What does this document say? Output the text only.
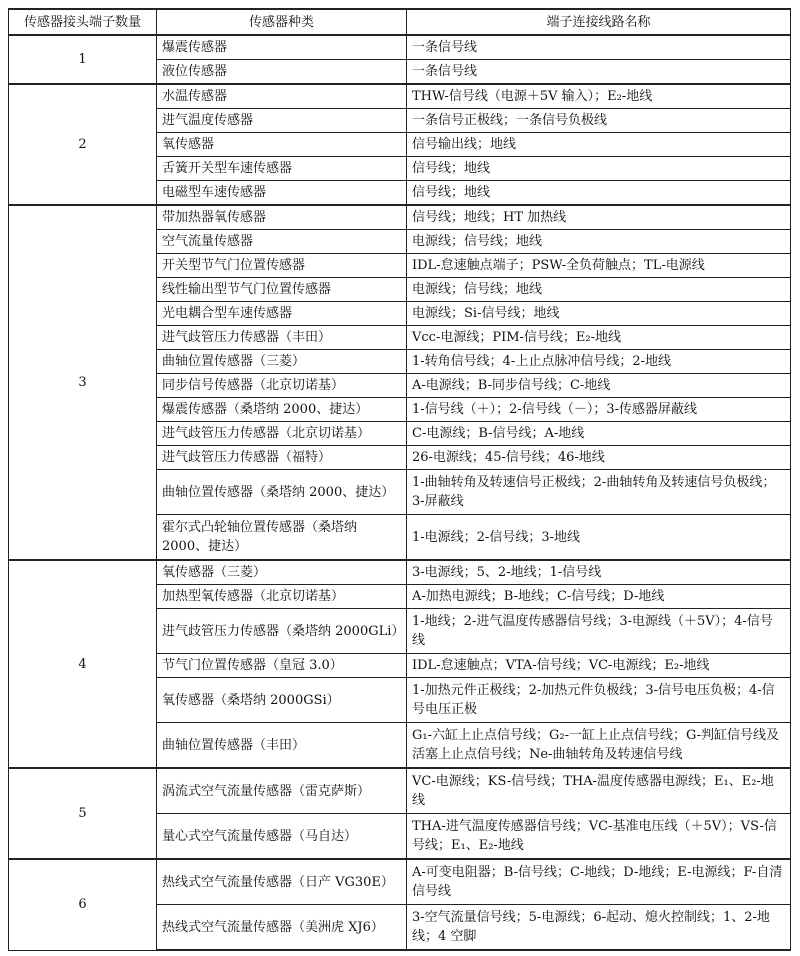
传感器接头端子数量	传感器种类	端子连接线路名称
1	爆震传感器	一条信号线
	液位传感器	一条信号线
2	水温传感器	THW-信号线（电源＋5V 输入）；E₂-地线
	进气温度传感器	一条信号正极线；一条信号负极线
	氧传感器	信号输出线；地线
	舌簧开关型车速传感器	信号线；地线
	电磁型车速传感器	信号线；地线
3	带加热器氧传感器	信号线；地线；HT 加热线
	空气流量传感器	电源线；信号线；地线
	开关型节气门位置传感器	IDL-怠速触点端子；PSW-全负荷触点；TL-电源线
	线性输出型节气门位置传感器	电源线；信号线；地线
	光电耦合型车速传感器	电源线；Si-信号线；地线
	进气歧管压力传感器（丰田）	Vcc-电源线；PIM-信号线；E₂-地线
	曲轴位置传感器（三菱）	1-转角信号线；4-上止点脉冲信号线；2-地线
	同步信号传感器（北京切诺基）	A-电源线；B-同步信号线；C-地线
	爆震传感器（桑塔纳 2000、捷达）	1-信号线（＋）；2-信号线（－）；3-传感器屏蔽线
	进气歧管压力传感器（北京切诺基）	C-电源线；B-信号线；A-地线
	进气歧管压力传感器（福特）	26-电源线；45-信号线；46-地线
	曲轴位置传感器（桑塔纳 2000、捷达）	1-曲轴转角及转速信号正极线；2-曲轴转角及转速信号负极线；3-屏蔽线
	霍尔式凸轮轴位置传感器（桑塔纳 2000、捷达）	1-电源线；2-信号线；3-地线
4	氧传感器（三菱）	3-电源线；5、2-地线；1-信号线
	加热型氧传感器（北京切诺基）	A-加热电源线；B-地线；C-信号线；D-地线
	进气歧管压力传感器（桑塔纳 2000GLi）	1-地线；2-进气温度传感器信号线；3-电源线（＋5V）；4-信号线
	节气门位置传感器（皇冠 3.0）	IDL-怠速触点；VTA-信号线；VC-电源线；E₂-地线
	氧传感器（桑塔纳 2000GSi）	1-加热元件正极线；2-加热元件负极线；3-信号电压负极；4-信号电压正极
	曲轴位置传感器（丰田）	G₁-六缸上止点信号线；G₂-一缸上止点信号线；G-判缸信号线及活塞上止点信号线；Ne-曲轴转角及转速信号线
5	涡流式空气流量传感器（雷克萨斯）	VC-电源线；KS-信号线；THA-温度传感器电源线；E₁、E₂-地线
	量心式空气流量传感器（马自达）	THA-进气温度传感器信号线；VC-基准电压线（＋5V）；VS-信号线；E₁、E₂-地线
6	热线式空气流量传感器（日产 VG30E）	A-可变电阻器；B-信号线；C-地线；D-地线；E-电源线；F-自清信号线
	热线式空气流量传感器（美洲虎 XJ6）	3-空气流量信号线；5-电源线；6-起动、熄火控制线；1、2-地线；4 空脚
